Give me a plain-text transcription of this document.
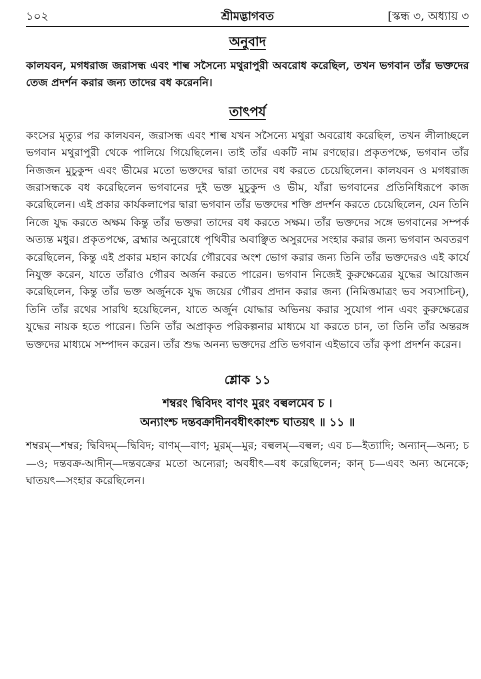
১০২	শ্রীমদ্ভাগবত	[স্কন্ধ ৩, অধ্যায় ৩
অনুবাদ

কালযবন, মগধরাজ জরাসন্ধ এবং শাল্ব সসৈন্যে মথুরাপুরী অবরোধ করেছিল, তখন ভগবান তাঁর ভক্তদের তেজ প্রদর্শন করার জন্য তাদের বধ করেননি।

তাৎপর্য

কংসের মৃত্যুর পর কালযবন, জরাসন্ধ এবং শাল্ব যখন সসৈন্যে মথুরা অবরোধ করেছিল, তখন লীলাচ্ছলে ভগবান মথুরাপুরী থেকে পালিয়ে গিয়েছিলেন। তাই তাঁর একটি নাম রণছোর। প্রকৃতপক্ষে, ভগবান তাঁর নিজজন মুচুকুন্দ এবং ভীমের মতো ভক্তদের দ্বারা তাদের বধ করতে চেয়েছিলেন। কালযবন ও মগধরাজ জরাসন্ধকে বধ করেছিলেন ভগবানের দুই ভক্ত মুচুকুন্দ ও ভীম, যাঁরা ভগবানের প্রতিনিধিরূপে কাজ করেছিলেন। এই প্রকার কার্যকলাপের দ্বারা ভগবান তাঁর ভক্তদের শক্তি প্রদর্শন করতে চেয়েছিলেন, যেন তিনি নিজে যুদ্ধ করতে অক্ষম কিন্তু তাঁর ভক্তরা তাদের বধ করতে সক্ষম। তাঁর ভক্তদের সঙ্গে ভগবানের সম্পর্ক অত্যন্ত মধুর। প্রকৃতপক্ষে, ব্রহ্মার অনুরোধে পৃথিবীর অবাঞ্ছিত অসুরদের সংহার করার জন্য ভগবান অবতরণ করেছিলেন, কিন্তু এই প্রকার মহান কার্যের গৌরবের অংশ ভোগ করার জন্য তিনি তাঁর ভক্তদেরও এই কার্যে নিযুক্ত করেন, যাতে তাঁরাও গৌরব অর্জন করতে পারেন। ভগবান নিজেই কুরুক্ষেত্রের যুদ্ধের আয়োজন করেছিলেন, কিন্তু তাঁর ভক্ত অর্জুনকে যুদ্ধ জয়ের গৌরব প্রদান করার জন্য (নিমিত্তমাত্রং ভব সব্যসাচিন্), তিনি তাঁর রথের সারথি হয়েছিলেন, যাতে অর্জুন যোদ্ধার অভিনয় করার সুযোগ পান এবং কুরুক্ষেত্রের যুদ্ধের নায়ক হতে পারেন। তিনি তাঁর অপ্রাকৃত পরিকল্পনার মাধ্যমে যা করতে চান, তা তিনি তাঁর অন্তরঙ্গ ভক্তদের মাধ্যমে সম্পাদন করেন। তাঁর শুদ্ধ অনন্য ভক্তদের প্রতি ভগবান এইভাবে তাঁর কৃপা প্রদর্শন করেন।

শ্লোক ১১
শম্বরং দ্বিবিদং বাণং মুরং বল্বলমেব চ ।
অন্যাংশ্চ দন্তবক্রাদীনবধীৎকাংশ্চ ঘাতয়ৎ ॥ ১১ ॥

শম্বরম্—শম্বর; দ্বিবিদম্—দ্বিবিদ; বাণম্—বাণ; মুরম্—মুর; বল্বলম্—বল্বল; এব চ—ইত্যাদি; অন্যান্—অন্য; চ—ও; দন্তবক্র-আদীন্—দন্তবক্রের মতো অন্যেরা; অবধীৎ—বধ করেছিলেন; কান্ চ—এবং অন্য অনেকে; ঘাতয়ৎ—সংহার করেছিলেন।
